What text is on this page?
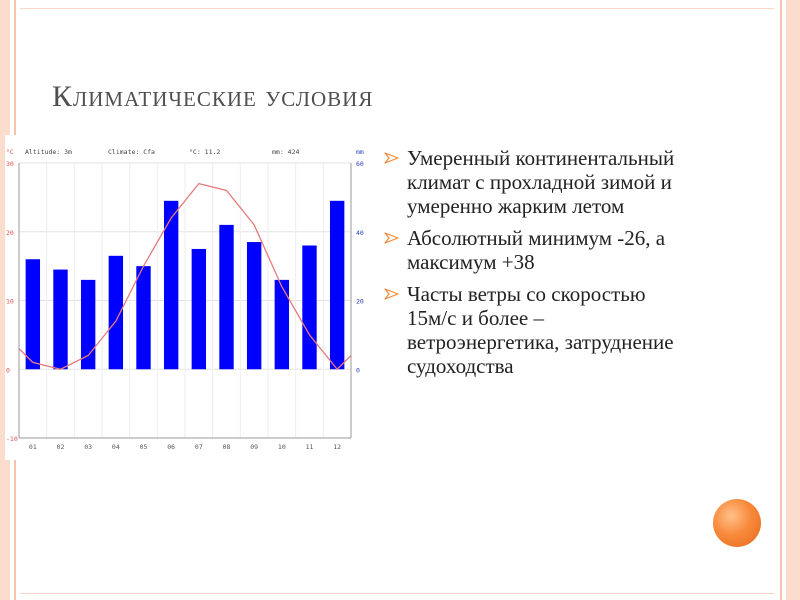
Климатические условия
30
20
10
0
-10
60
40
20
0
01	02	03	04	05	06	07	08	09	10	11	12
°C	mm
Altitude: 3m	Climate: Cfa	°C: 11.2	mm: 424	Умеренный континентальный климат с прохладной зимой и умеренно жарким летом
Абсолютный минимум -26, а максимум +38
Часты ветры со скоростью 15м/с и более – ветроэнергетика, затруднение судоходства
